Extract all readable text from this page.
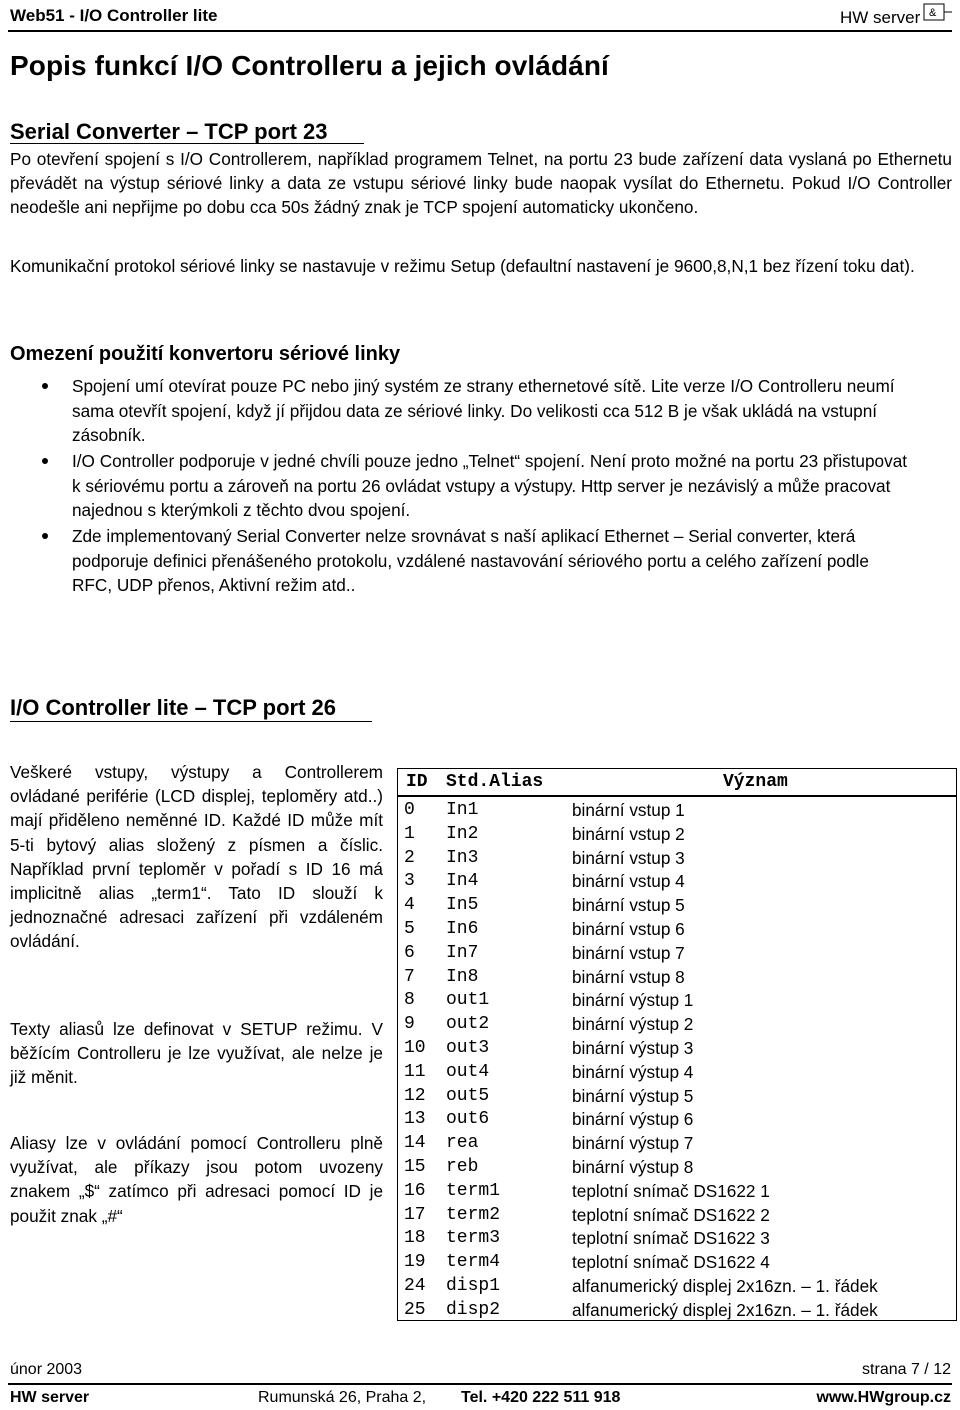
Web51 - I/O Controller lite	HW server &
Popis funkcí I/O Controlleru a jejich ovládání
Serial Converter – TCP port 23

Po otevření spojení s I/O Controllerem, například programem Telnet, na portu 23 bude zařízení data vyslaná po Ethernetu převádět na výstup sériové linky a data ze vstupu sériové linky bude naopak vysílat do Ethernetu. Pokud I/O Controller neodešle ani nepřijme po dobu cca 50s žádný znak je TCP spojení automaticky ukončeno.

Komunikační protokol sériové linky se nastavuje v režimu Setup (defaultní nastavení je 9600,8,N,1 bez řízení toku dat).

Omezení použití konvertoru sériové linky
Spojení umí otevírat pouze PC nebo jiný systém ze strany ethernetové sítě. Lite verze I/O Controlleru neumí sama otevřít spojení, když jí přijdou data ze sériové linky. Do velikosti cca 512 B je však ukládá na vstupní zásobník.
I/O Controller podporuje v jedné chvíli pouze jedno „Telnet“ spojení. Není proto možné na portu 23 přistupovat k sériovému portu a zároveň na portu 26 ovládat vstupy a výstupy. Http server je nezávislý a může pracovat najednou s kterýmkoli z těchto dvou spojení.
Zde implementovaný Serial Converter nelze srovnávat s naší aplikací Ethernet – Serial converter, která podporuje definici přenášeného protokolu, vzdálené nastavování sériového portu a celého zařízení podle RFC, UDP přenos, Aktivní režim atd..
I/O Controller lite – TCP port 26

Veškeré vstupy, výstupy a Controllerem ovládané periférie (LCD displej, teploměry atd..) mají přiděleno neměnné ID. Každé ID může mít 5-ti bytový alias složený z písmen a číslic. Například první teploměr v pořadí s ID 16 má implicitně alias „term1“. Tato ID slouží k jednoznačné adresaci zařízení při vzdáleném ovládání.

Texty aliasů lze definovat v SETUP režimu. V běžícím Controlleru je lze využívat, ale nelze je již měnit.

Aliasy lze v ovládání pomocí Controlleru plně využívat, ale příkazy jsou potom uvozeny znakem „$“ zatímco při adresaci pomocí ID je použit znak „#“

ID Std.Alias	Význam
0 In1	binární vstup 1
1 In2	binární vstup 2
2 In3	binární vstup 3
3 In4	binární vstup 4
4 In5	binární vstup 5
5 In6	binární vstup 6
6 In7	binární vstup 7
7 In8	binární vstup 8
8 out1	binární výstup 1
9 out2	binární výstup 2
10 out3	binární výstup 3
11 out4	binární výstup 4
12 out5	binární výstup 5
13 out6	binární výstup 6
14 rea	binární výstup 7
15 reb	binární výstup 8
16 term1	teplotní snímač DS1622 1
17 term2	teplotní snímač DS1622 2
18 term3	teplotní snímač DS1622 3
19 term4	teplotní snímač DS1622 4
24 disp1	alfanumerický displej 2x16zn. – 1. řádek
25 disp2	alfanumerický displej 2x16zn. – 1. řádek
únor 2003	strana 7 / 12
HW server	Rumunská 26, Praha 2, Tel. +420 222 511 918	www.HWgroup.cz
